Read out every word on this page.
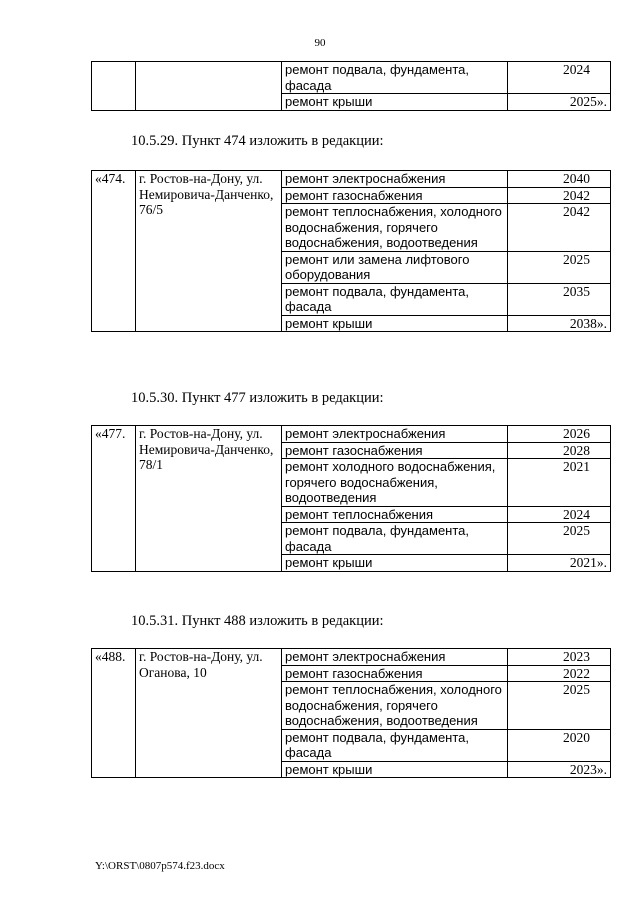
90
		ремонт подвала, фундамента, фасада	2024
		ремонт крыши	2025».
10.5.29. Пункт 474 изложить в редакции:
«474.	г. Ростов-на-Дону, ул. Немировича-Данченко, 76/5	ремонт электроснабжения	2040
		ремонт газоснабжения	2042
		ремонт теплоснабжения, холодного водоснабжения, горячего водоснабжения, водоотведения	2042
		ремонт или замена лифтового оборудования	2025
		ремонт подвала, фундамента, фасада	2035
		ремонт крыши	2038».
10.5.30. Пункт 477 изложить в редакции:
«477.	г. Ростов-на-Дону, ул. Немировича-Данченко, 78/1	ремонт электроснабжения	2026
		ремонт газоснабжения	2028
		ремонт холодного водоснабжения, горячего водоснабжения, водоотведения	2021
		ремонт теплоснабжения	2024
		ремонт подвала, фундамента, фасада	2025
		ремонт крыши	2021».
10.5.31. Пункт 488 изложить в редакции:
«488.	г. Ростов-на-Дону, ул. Оганова, 10	ремонт электроснабжения	2023
		ремонт газоснабжения	2022
		ремонт теплоснабжения, холодного водоснабжения, горячего водоснабжения, водоотведения	2025
		ремонт подвала, фундамента, фасада	2020
		ремонт крыши	2023».
Y:\ORST\0807p574.f23.docx
